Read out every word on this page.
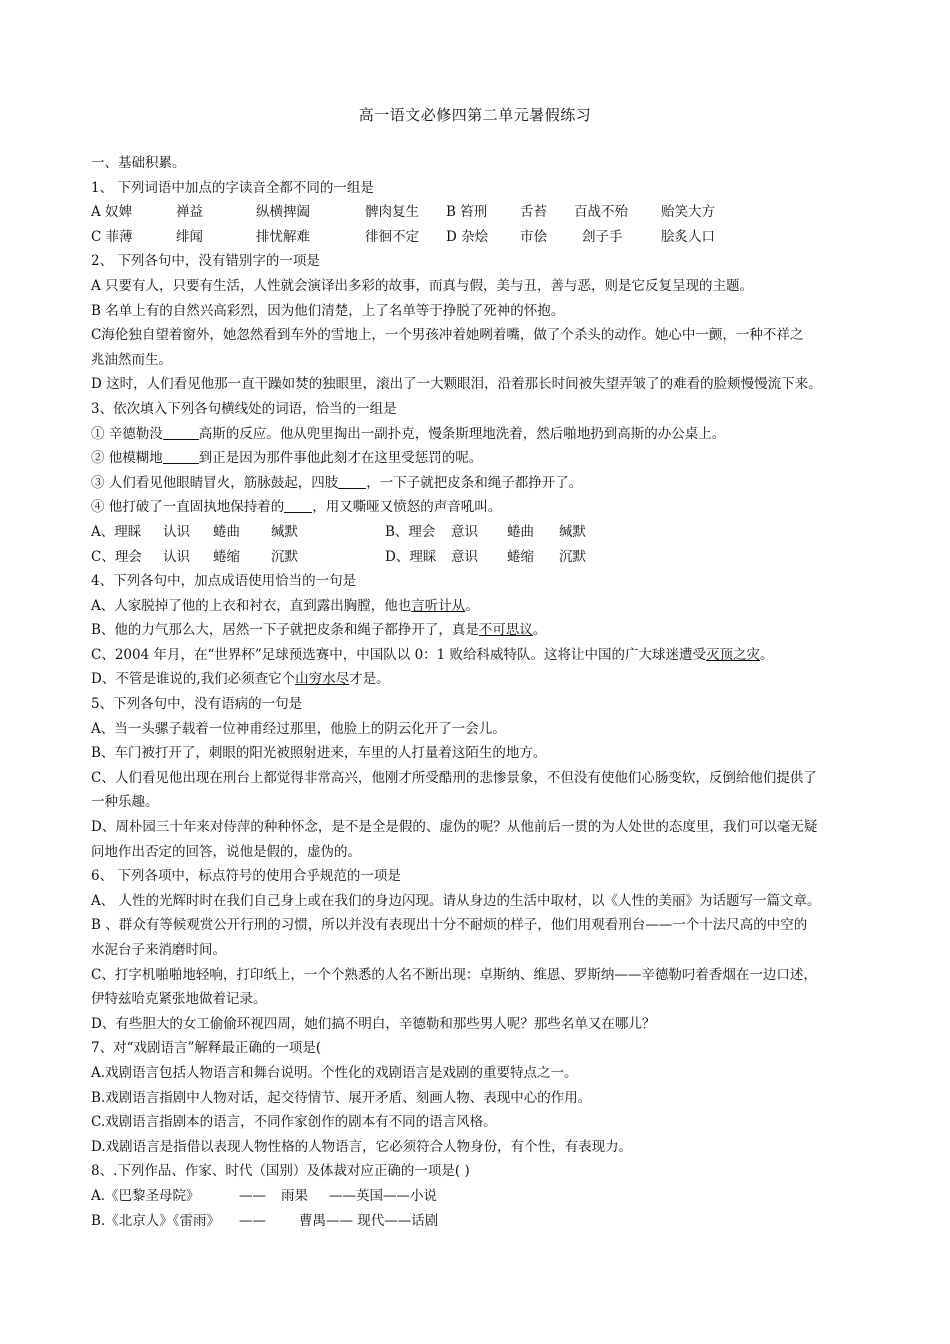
高一语文必修四第二单元暑假练习
一、基础积累。
1、 下列词语中加点的字读音全都不同的一组是
A 奴婢	禅益	纵横捭阖	髀肉复生 B 笞刑 舌苔 百战不殆 贻笑大方
C 菲薄	绯闻	排忧解难	徘徊不定 D 杂烩 市侩	刽子手	脍炙人口
2、 下列各句中，没有错别字的一项是
A 只要有人，只要有生活，人性就会演译出多彩的故事，而真与假，美与丑，善与恶，则是它反复呈现的主题。
B 名单上有的自然兴高彩烈，因为他们清楚，上了名单等于挣脱了死神的怀抱。
C海伦独自望着窗外，她忽然看到车外的雪地上，一个男孩冲着她咧着嘴，做了个杀头的动作。她心中一颤，一种不祥之
兆油然而生。
D 这时，人们看见他那一直干躁如焚的独眼里，滚出了一大颗眼泪，沿着那长时间被失望弄皱了的难看的脸颊慢慢流下来。
3、依次填入下列各句横线处的词语，恰当的一组是
① 辛德勒没	高斯的反应。他从兜里掏出一副扑克，慢条斯理地洗着，然后啪地扔到高斯的办公桌上。
② 他模糊地	到正是因为那件事他此刻才在这里受惩罚的呢。
③ 人们看见他眼睛冒火，筋脉鼓起，四肢 ，一下子就把皮条和绳子都挣开了。
④ 他打破了一直固执地保持着的 ，用又嘶哑又愤怒的声音吼叫。
A、理睬 认识 蜷曲 缄默	B、理会 意识 蜷曲 缄默
C、理会 认识 蜷缩 沉默	D、理睬 意识 蜷缩 沉默
4、下列各句中，加点成语使用恰当的一句是
A、人家脱掉了他的上衣和衬衣，直到露出胸膛，他也言听计从。
B、他的力气那么大，居然一下子就把皮条和绳子都挣开了，真是不可思议。
C、2004 年月，在“世界杯”足球预选赛中，中国队以 0：1 败给科威特队。这将让中国的广大球迷遭受灭顶之灾。
D、不管是谁说的,我们必须查它个山穷水尽才是。
5、下列各句中，没有语病的一句是
A、当一头骡子载着一位神甫经过那里，他脸上的阴云化开了一会儿。
B、车门被打开了，刺眼的阳光被照射进来，车里的人打量着这陌生的地方。
C、人们看见他出现在刑台上都觉得非常高兴，他刚才所受酷刑的悲惨景象，不但没有使他们心肠变软，反倒给他们提供了
一种乐趣。
D、周朴园三十年来对侍萍的种种怀念，是不是全是假的、虚伪的呢？从他前后一贯的为人处世的态度里，我们可以毫无疑
问地作出否定的回答，说他是假的，虚伪的。
6、 下列各项中，标点符号的使用合乎规范的一项是
A、 人性的光辉时时在我们自己身上或在我们的身边闪现。请从身边的生活中取材，以《人性的美丽》为话题写一篇文章。
B 、群众有等候观赏公开行刑的习惯，所以并没有表现出十分不耐烦的样子，他们用观看刑台——一个十法尺高的中空的
水泥台子来消磨时间。
C、打字机啪啪地轻响，打印纸上，一个个熟悉的人名不断出现：卓斯纳、维恩、罗斯纳——辛德勒叼着香烟在一边口述，
伊特兹哈克紧张地做着记录。
D、有些胆大的女工偷偷环视四周，她们搞不明白，辛德勒和那些男人呢？那些名单又在哪儿？
7、对“戏剧语言”解释最正确的一项是(
A.戏剧语言包括人物语言和舞台说明。个性化的戏剧语言是戏剧的重要特点之一。
B.戏剧语言指剧中人物对话，起交待情节、展开矛盾、刻画人物、表现中心的作用。
C.戏剧语言指剧本的语言，不同作家创作的剧本有不同的语言风格。
D.戏剧语言是指借以表现人物性格的人物语言，它必须符合人物身份，有个性，有表现力。
8、.下列作品、作家、时代（国别）及体裁对应正确的一项是( )
A.《巴黎圣母院》	—— 雨果 ——英国——小说
B.《北京人》《雷雨》 —— 曹禺—— 现代——话剧
